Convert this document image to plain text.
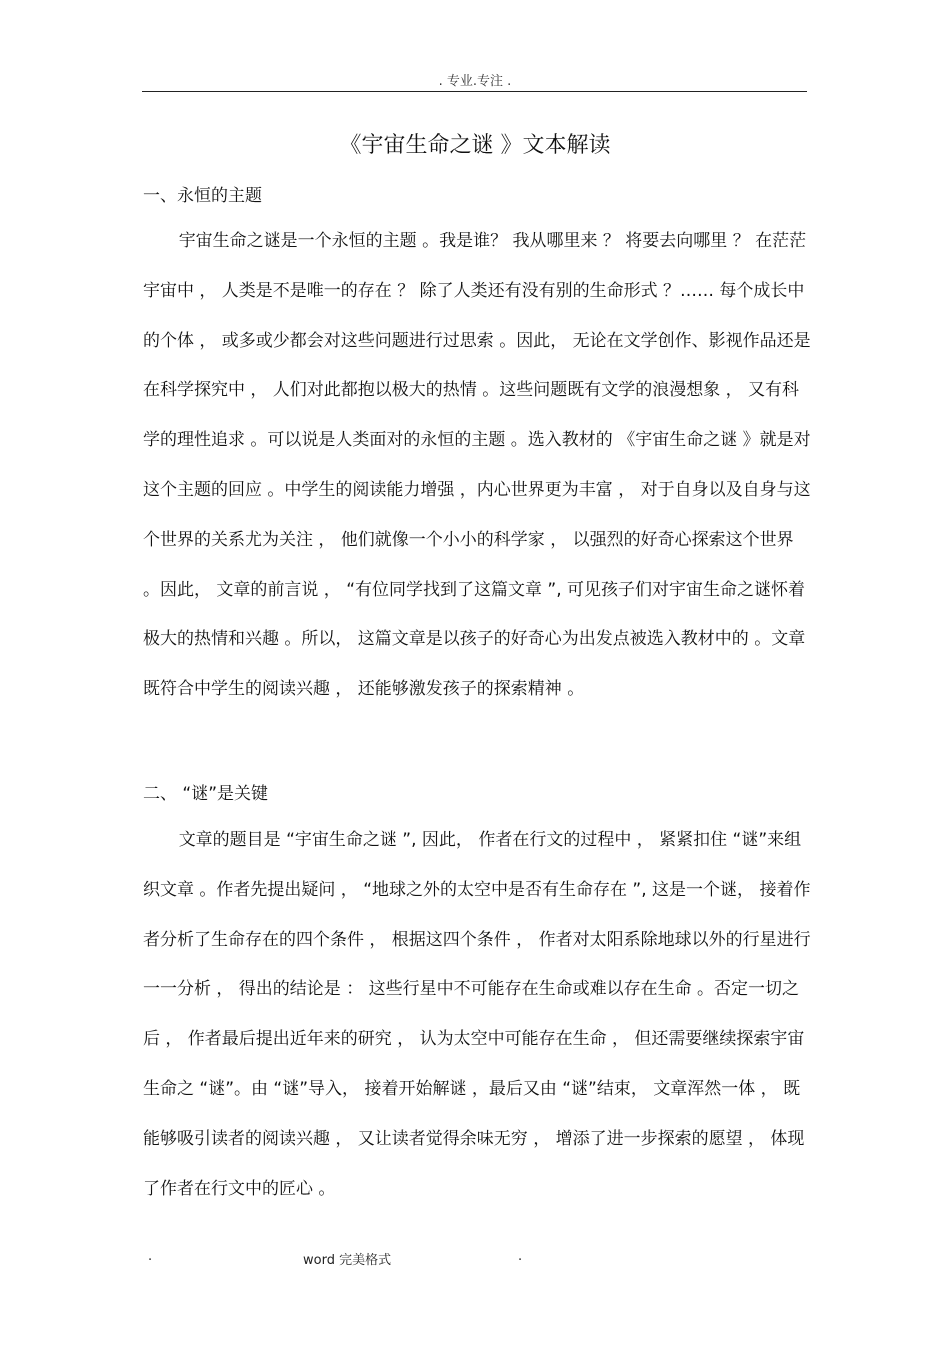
. 专业.专注 .
《宇宙生命之谜 》文本解读
一、永恒的主题

宇宙生命之谜是一个永恒的主题 。我是谁？ 我从哪里来 ？ 将要去向哪里 ？ 在茫茫宇宙中 ， 人类是不是唯一的存在 ？ 除了人类还有没有别的生命形式 ？…… 每个成长中的个体 ， 或多或少都会对这些问题进行过思索 。因此， 无论在文学创作、影视作品还是在科学探究中 ， 人们对此都抱以极大的热情 。这些问题既有文学的浪漫想象 ， 又有科学的理性追求 。可以说是人类面对的永恒的主题 。选入教材的 《宇宙生命之谜 》就是对这个主题的回应 。中学生的阅读能力增强 ，内心世界更为丰富 ， 对于自身以及自身与这个世界的关系尤为关注 ， 他们就像一个小小的科学家 ， 以强烈的好奇心探索这个世界 。因此， 文章的前言说 ， “有位同学找到了这篇文章 ”, 可见孩子们对宇宙生命之谜怀着极大的热情和兴趣 。所以， 这篇文章是以孩子的好奇心为出发点被选入教材中的 。文章既符合中学生的阅读兴趣 ， 还能够激发孩子的探索精神 。

二、 “谜”是关键

文章的题目是 “宇宙生命之谜 ”, 因此， 作者在行文的过程中 ， 紧紧扣住 “谜”来组织文章 。作者先提出疑问 ， “地球之外的太空中是否有生命存在 ”, 这是一个谜， 接着作者分析了生命存在的四个条件 ， 根据这四个条件 ， 作者对太阳系除地球以外的行星进行一一分析 ， 得出的结论是 ： 这些行星中不可能存在生命或难以存在生命 。否定一切之后 ， 作者最后提出近年来的研究 ， 认为太空中可能存在生命 ， 但还需要继续探索宇宙生命之 “谜”。由 “谜”导入， 接着开始解谜 ，最后又由 “谜”结束， 文章浑然一体 ， 既能够吸引读者的阅读兴趣 ， 又让读者觉得余味无穷 ， 增添了进一步探索的愿望 ， 体现了作者在行文中的匠心 。

.	word 完美格式	.
